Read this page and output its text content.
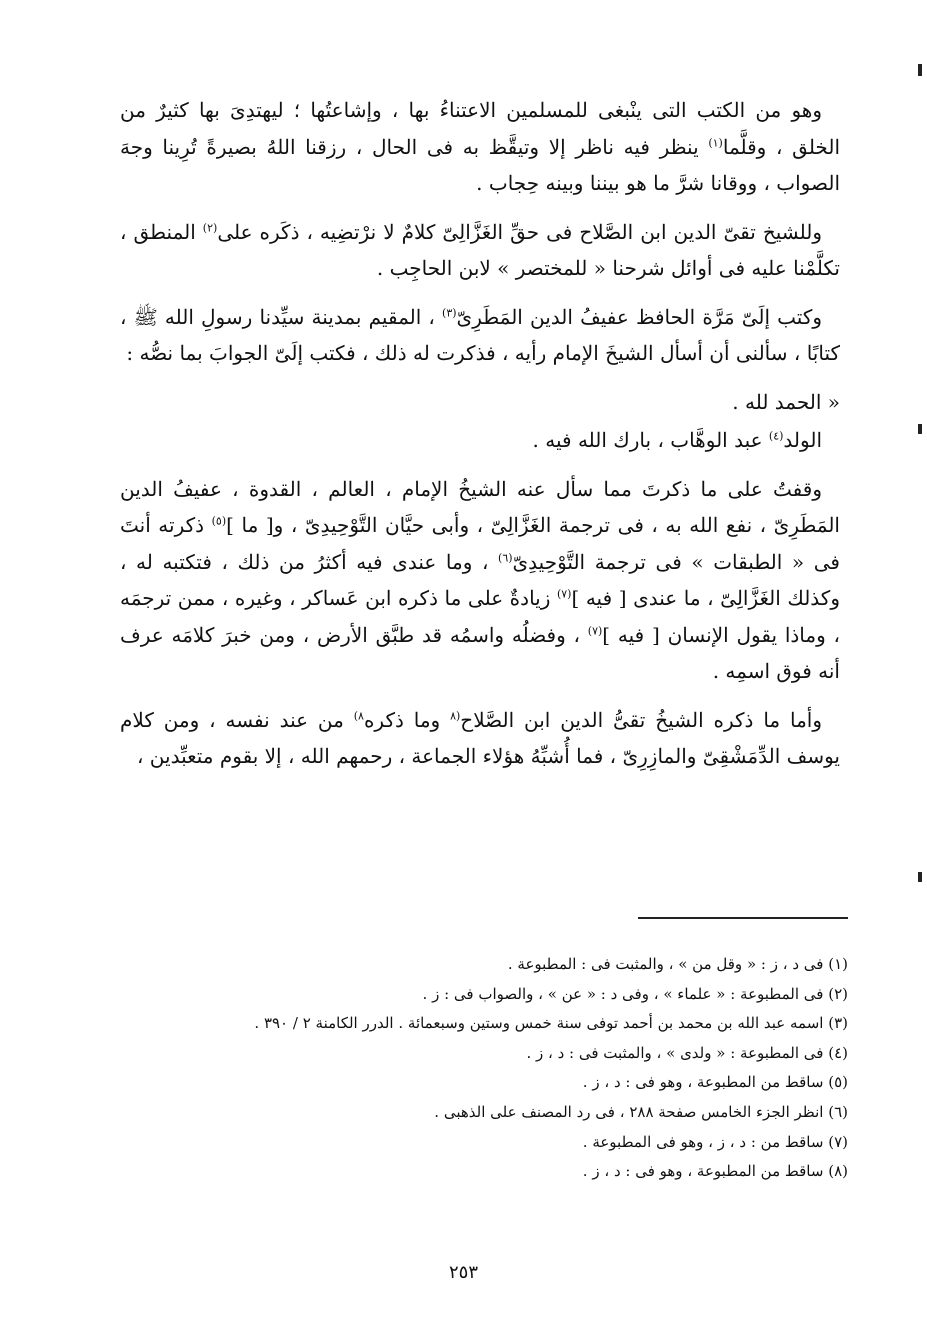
وهو من الكتب التى ينْبغى للمسلمين الاعتناءُ بها ، وإشاعتُها ؛ ليهتدِىَ بها كثيرٌ من الخلق ، وقلَّما$^{(١)}$ ينظر فيه ناظر إلا وتيقَّظ به فى الحال ، رزقنا اللهُ بصيرةً تُرِينا وجهَ الصواب ، ووقانا شرَّ ما هو بيننا وبينه حِجاب .

وللشيخ تقىّ الدين ابن الصَّلاح فى حقِّ الغَزَّالِىّ كلامٌ لا نرْتضِيه ، ذكَره على$^{(٢)}$ المنطق ، تكلَّمْنا عليه فى أوائل شرحنا « للمختصر » لابن الحاجِب .

وكتب إلَىّ مَرَّة الحافظ عفيفُ الدين المَطَرِىّ$^{(٣)}$ ، المقيم بمدينة سيِّدنا رسولِ الله ﷺ ، كتابًا ، سألنى أن أسأل الشيخَ الإمام رأيه ، فذكرت له ذلك ، فكتب إلَىّ الجوابَ بما نصُّه :

« الحمد لله .

الولد$^{(٤)}$ عبد الوهَّاب ، بارك الله فيه .

وقفتُ على ما ذكرتَ مما سأل عنه الشيخُ الإمام ، العالم ، القدوة ، عفيفُ الدين المَطَرِىّ ، نفع الله به ، فى ترجمة الغَزَّالِىّ ، وأبى حيَّان التَّوْحِيدِىّ ، و[ ما ]$^{(٥)}$ ذكرته أنتَ فى « الطبقات » فى ترجمة التَّوْحِيدِىّ$^{(٦)}$ ، وما عندى فيه أكثرُ من ذلك ، فتكتبه له ، وكذلك الغَزَّالِىّ ، ما عندى [ فيه ]$^{(٧)}$ زيادةٌ على ما ذكره ابن عَساكر ، وغيره ، ممن ترجمَه ، وماذا يقول الإنسان [ فيه ]$^{(٧)}$ ، وفضلُه واسمُه قد طبَّق الأرض ، ومن خبرَ كلامَه عرف أنه فوق اسمِه .

وأما ما ذكره الشيخُ تقىُّ الدين ابن الصَّلاح$^{(٨}$ وما ذكره$^{٨)}$ من عند نفسه ، ومن كلام يوسف الدِّمَشْقِىّ والمازِرِىّ ، فما أُشبِّهُ هؤلاء الجماعة ، رحمهم الله ، إلا بقوم متعبِّدين ،

(١) فى د ، ز : « وقل من » ، والمثبت فى : المطبوعة .
(٢) فى المطبوعة : « علماء » ، وفى د : « عن » ، والصواب فى : ز .
(٣) اسمه عبد الله بن محمد بن أحمد توفى سنة خمس وستين وسبعمائة . الدرر الكامنة ٢ / ٣٩٠ .
(٤) فى المطبوعة : « ولدى » ، والمثبت فى : د ، ز .
(٥) ساقط من المطبوعة ، وهو فى : د ، ز .
(٦) انظر الجزء الخامس صفحة ٢٨٨ ، فى رد المصنف على الذهبى .
(٧) ساقط من : د ، ز ، وهو فى المطبوعة .
(٨) ساقط من المطبوعة ، وهو فى : د ، ز .
٢٥٣
